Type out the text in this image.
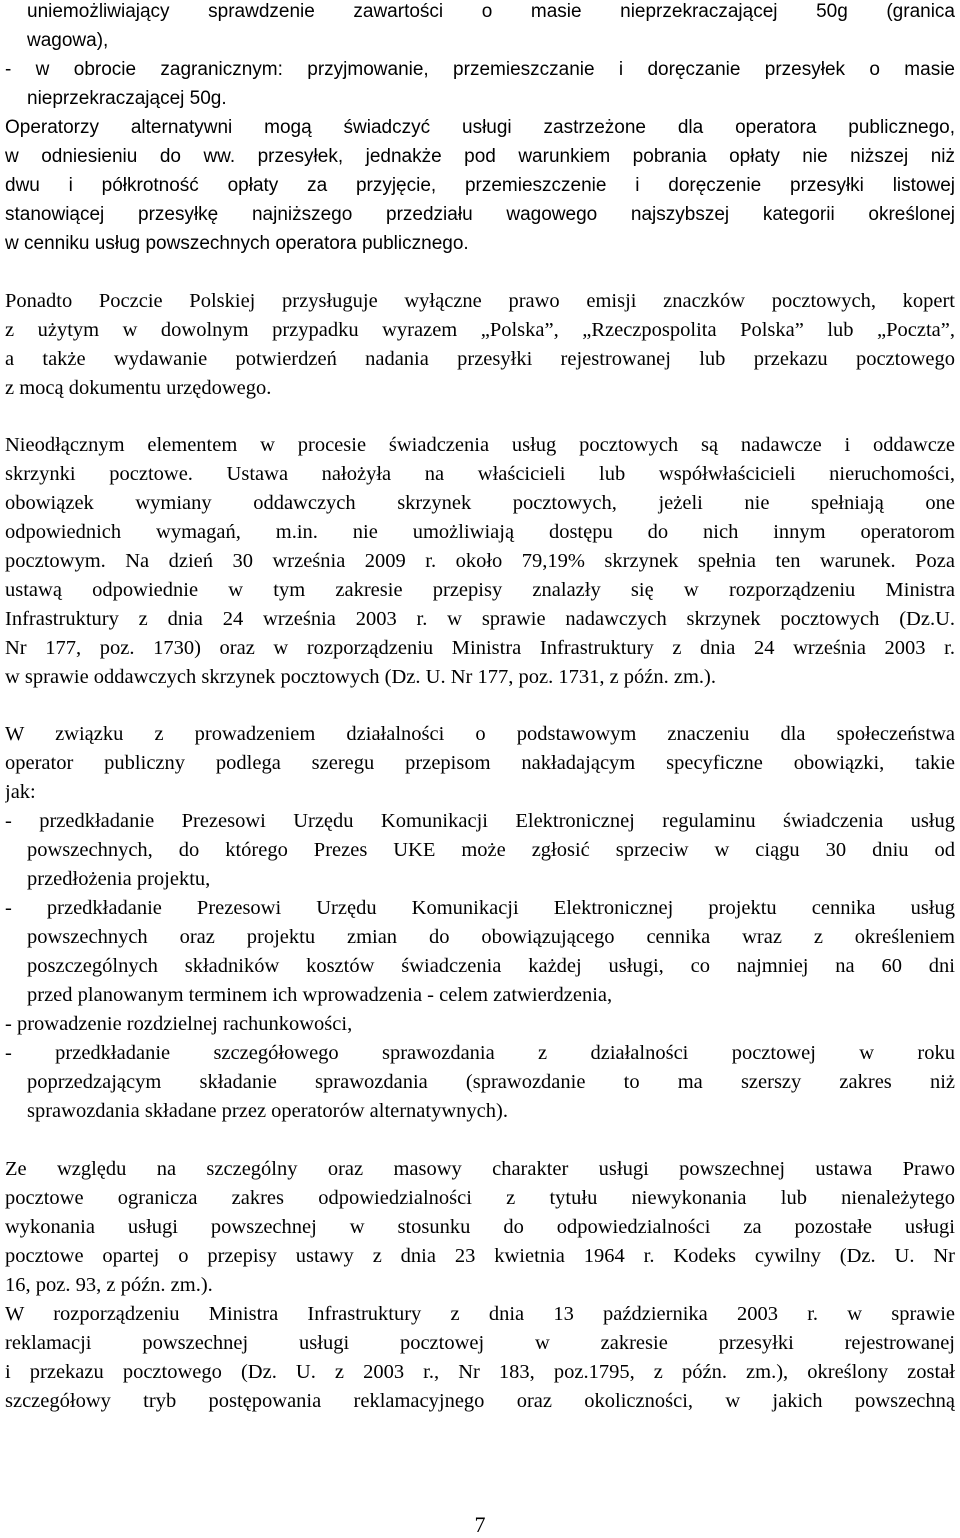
uniemożliwiający sprawdzenie zawartości o masie nieprzekraczającej 50g (granica
wagowa),
- w obrocie zagranicznym: przyjmowanie, przemieszczanie i doręczanie przesyłek o masie
nieprzekraczającej 50g.
Operatorzy alternatywni mogą świadczyć usługi zastrzeżone dla operatora publicznego,
w odniesieniu do ww. przesyłek, jednakże pod warunkiem pobrania opłaty nie niższej niż
dwu i półkrotność opłaty za przyjęcie, przemieszczenie i doręczenie przesyłki listowej
stanowiącej przesyłkę najniższego przedziału wagowego najszybszej kategorii określonej
w cenniku usług powszechnych operatora publicznego.
Ponadto Poczcie Polskiej przysługuje wyłączne prawo emisji znaczków pocztowych, kopert
z użytym w dowolnym przypadku wyrazem „Polska”, „Rzeczpospolita Polska” lub „Poczta”,
a także wydawanie potwierdzeń nadania przesyłki rejestrowanej lub przekazu pocztowego
z mocą dokumentu urzędowego.
Nieodłącznym elementem w procesie świadczenia usług pocztowych są nadawcze i oddawcze
skrzynki pocztowe. Ustawa nałożyła na właścicieli lub współwłaścicieli nieruchomości,
obowiązek wymiany oddawczych skrzynek pocztowych, jeżeli nie spełniają one
odpowiednich wymagań, m.in. nie umożliwiają dostępu do nich innym operatorom
pocztowym. Na dzień 30 września 2009 r. około 79,19% skrzynek spełnia ten warunek. Poza
ustawą odpowiednie w tym zakresie przepisy znalazły się w rozporządzeniu Ministra
Infrastruktury z dnia 24 września 2003 r. w sprawie nadawczych skrzynek pocztowych (Dz.U.
Nr 177, poz. 1730) oraz w rozporządzeniu Ministra Infrastruktury z dnia 24 września 2003 r.
w sprawie oddawczych skrzynek pocztowych (Dz. U. Nr 177, poz. 1731, z późn. zm.).
W związku z prowadzeniem działalności o podstawowym znaczeniu dla społeczeństwa
operator publiczny podlega szeregu przepisom nakładającym specyficzne obowiązki, takie
jak:
- przedkładanie Prezesowi Urzędu Komunikacji Elektronicznej regulaminu świadczenia usług
powszechnych, do którego Prezes UKE może zgłosić sprzeciw w ciągu 30 dniu od
przedłożenia projektu,
- przedkładanie Prezesowi Urzędu Komunikacji Elektronicznej projektu cennika usług
powszechnych oraz projektu zmian do obowiązującego cennika wraz z określeniem
poszczególnych składników kosztów świadczenia każdej usługi, co najmniej na 60 dni
przed planowanym terminem ich wprowadzenia - celem zatwierdzenia,
- prowadzenie rozdzielnej rachunkowości,
- przedkładanie szczegółowego sprawozdania z działalności pocztowej w roku
poprzedzającym składanie sprawozdania (sprawozdanie to ma szerszy zakres niż
sprawozdania składane przez operatorów alternatywnych).
Ze względu na szczególny oraz masowy charakter usługi powszechnej ustawa Prawo
pocztowe ogranicza zakres odpowiedzialności z tytułu niewykonania lub nienależytego
wykonania usługi powszechnej w stosunku do odpowiedzialności za pozostałe usługi
pocztowe opartej o przepisy ustawy z dnia 23 kwietnia 1964 r. Kodeks cywilny (Dz. U. Nr
16, poz. 93, z późn. zm.).
W rozporządzeniu Ministra Infrastruktury z dnia 13 października 2003 r. w sprawie
reklamacji powszechnej usługi pocztowej w zakresie przesyłki rejestrowanej
i przekazu pocztowego (Dz. U. z 2003 r., Nr 183, poz.1795, z późn. zm.), określony został
szczegółowy tryb postępowania reklamacyjnego oraz okoliczności, w jakich powszechną
7
